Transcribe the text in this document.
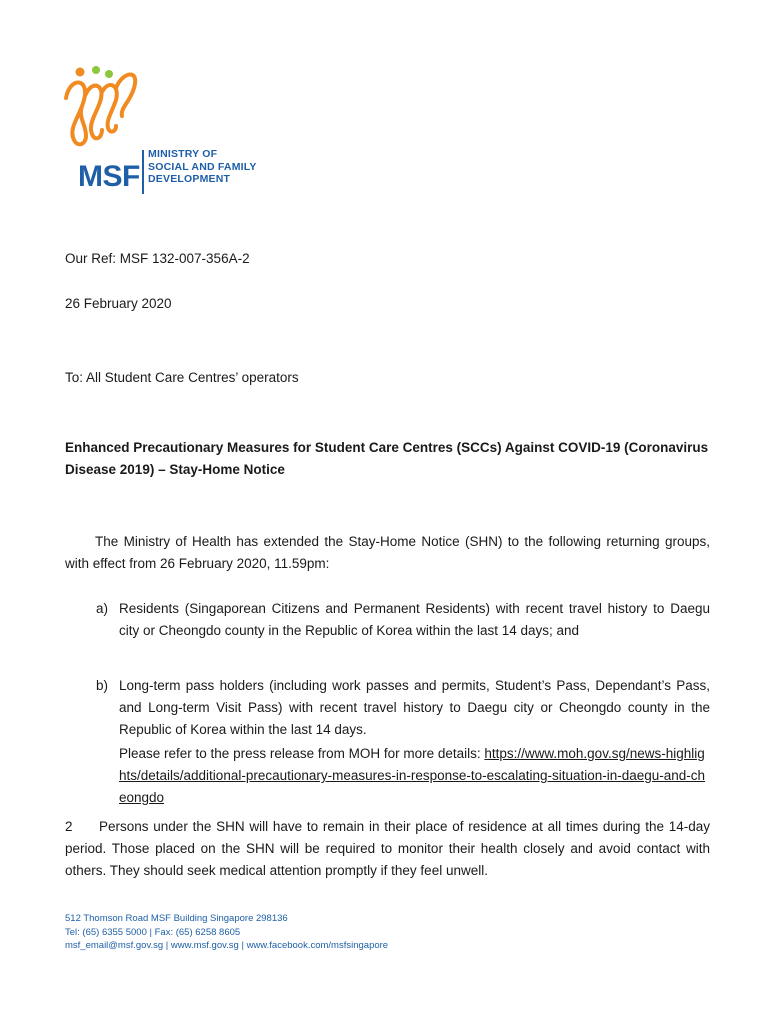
MSF
MINISTRY OF
SOCIAL AND FAMILY
DEVELOPMENT
Our Ref: MSF 132-007-356A-2
26 February 2020
To: All Student Care Centres’ operators
Enhanced Precautionary Measures for Student Care Centres (SCCs) Against COVID-19 (Coronavirus Disease 2019) – Stay-Home Notice
The Ministry of Health has extended the Stay-Home Notice (SHN) to the following returning groups, with effect from 26 February 2020, 11.59pm:
a) Residents (Singaporean Citizens and Permanent Residents) with recent travel history to Daegu city or Cheongdo county in the Republic of Korea within the last 14 days; and
b) Long-term pass holders (including work passes and permits, Student’s Pass, Dependant’s Pass, and Long-term Visit Pass) with recent travel history to Daegu city or Cheongdo county in the Republic of Korea within the last 14 days.
Please refer to the press release from MOH for more details: https://www.moh.gov.sg/news-highlights/details/additional-precautionary-measures-in-response-to-escalating-situation-in-daegu-and-cheongdo
2 Persons under the SHN will have to remain in their place of residence at all times during the 14-day period. Those placed on the SHN will be required to monitor their health closely and avoid contact with others. They should seek medical attention promptly if they feel unwell.
512 Thomson Road MSF Building Singapore 298136
Tel: (65) 6355 5000 | Fax: (65) 6258 8605
msf_email@msf.gov.sg | www.msf.gov.sg | www.facebook.com/msfsingapore
